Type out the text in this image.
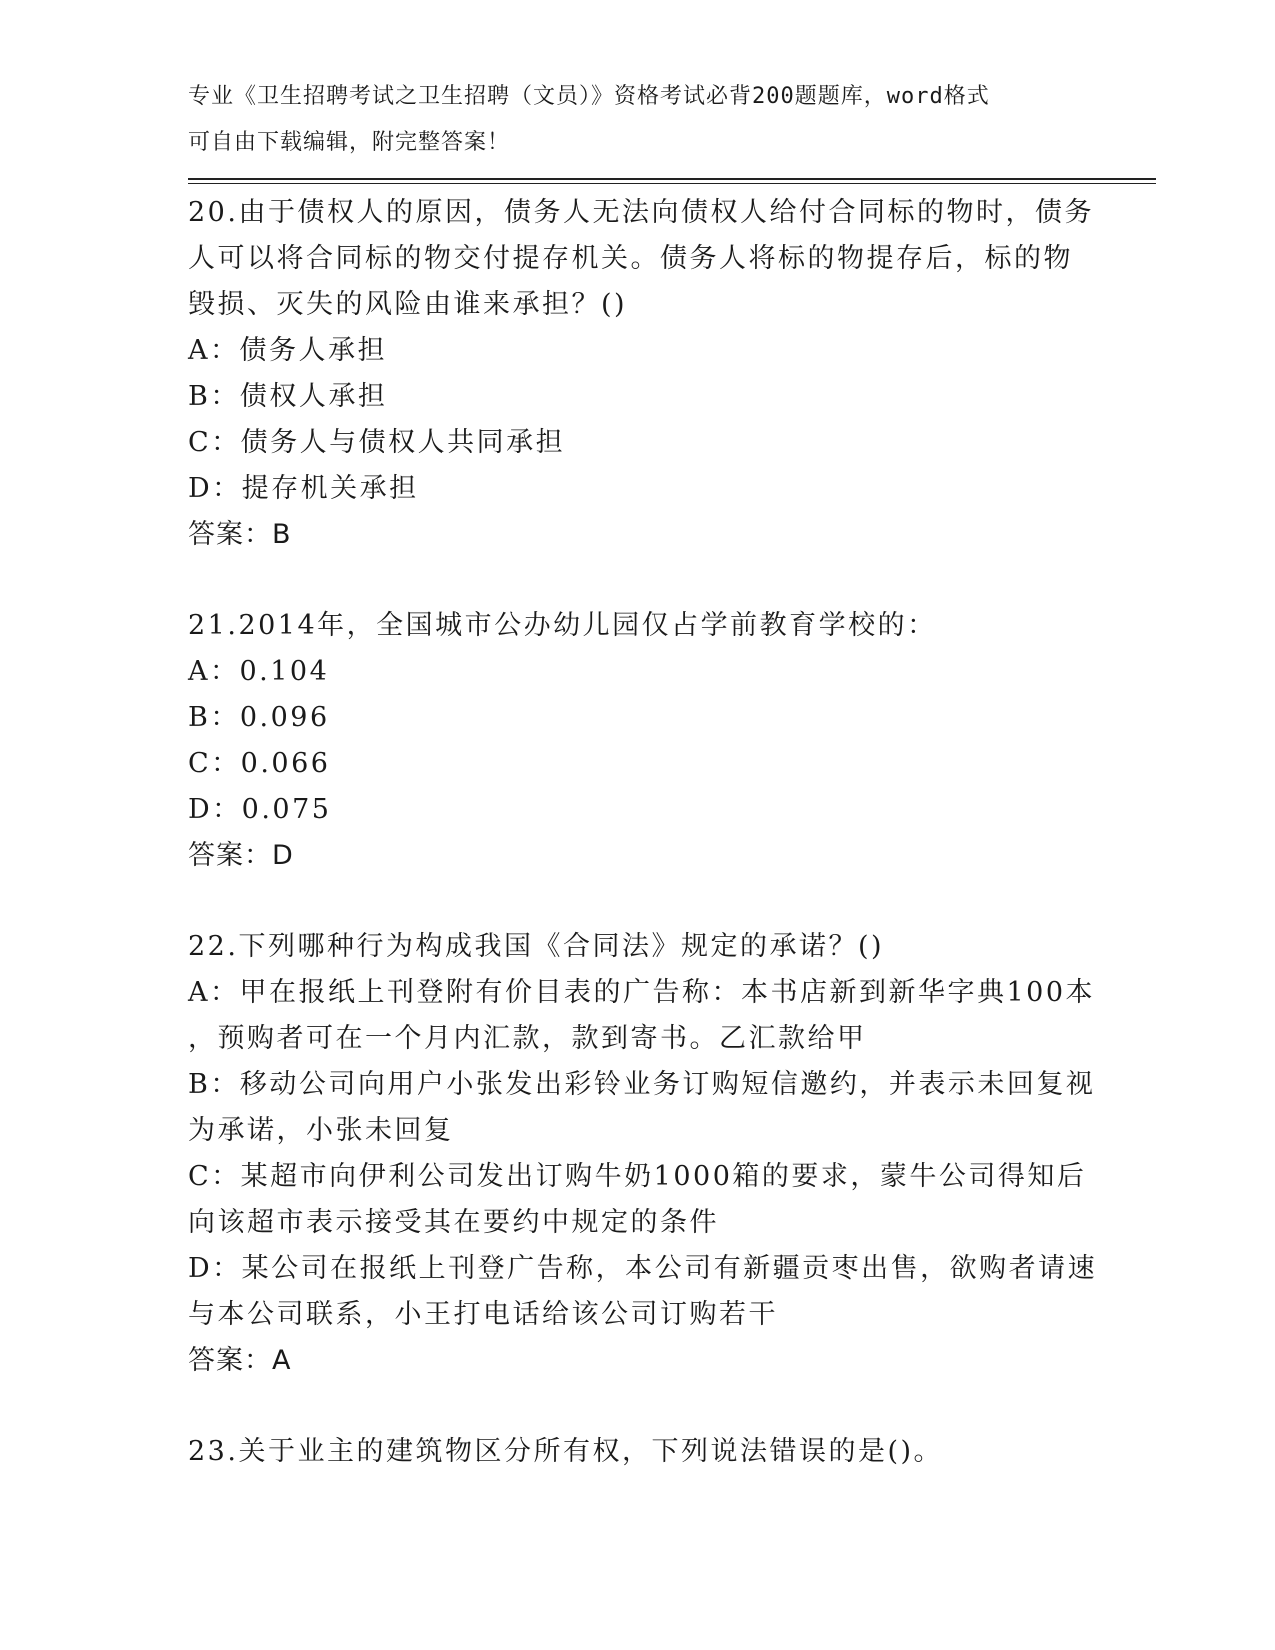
专业《卫生招聘考试之卫生招聘（文员）》资格考试必背200题题库，word格式
可自由下载编辑，附完整答案！
20.由于债权人的原因，债务人无法向债权人给付合同标的物时，债务
人可以将合同标的物交付提存机关。债务人将标的物提存后，标的物
毁损、灭失的风险由谁来承担？()
A：债务人承担
B：债权人承担
C：债务人与债权人共同承担
D：提存机关承担
答案：B
21.2014年，全国城市公办幼儿园仅占学前教育学校的：
A：0.104
B：0.096
C：0.066
D：0.075
答案：D
22.下列哪种行为构成我国《合同法》规定的承诺？()
A：甲在报纸上刊登附有价目表的广告称：本书店新到新华字典100本
，预购者可在一个月内汇款，款到寄书。乙汇款给甲
B：移动公司向用户小张发出彩铃业务订购短信邀约，并表示未回复视
为承诺，小张未回复
C：某超市向伊利公司发出订购牛奶1000箱的要求，蒙牛公司得知后
向该超市表示接受其在要约中规定的条件
D：某公司在报纸上刊登广告称，本公司有新疆贡枣出售，欲购者请速
与本公司联系，小王打电话给该公司订购若干
答案：A
23.关于业主的建筑物区分所有权，下列说法错误的是()。
